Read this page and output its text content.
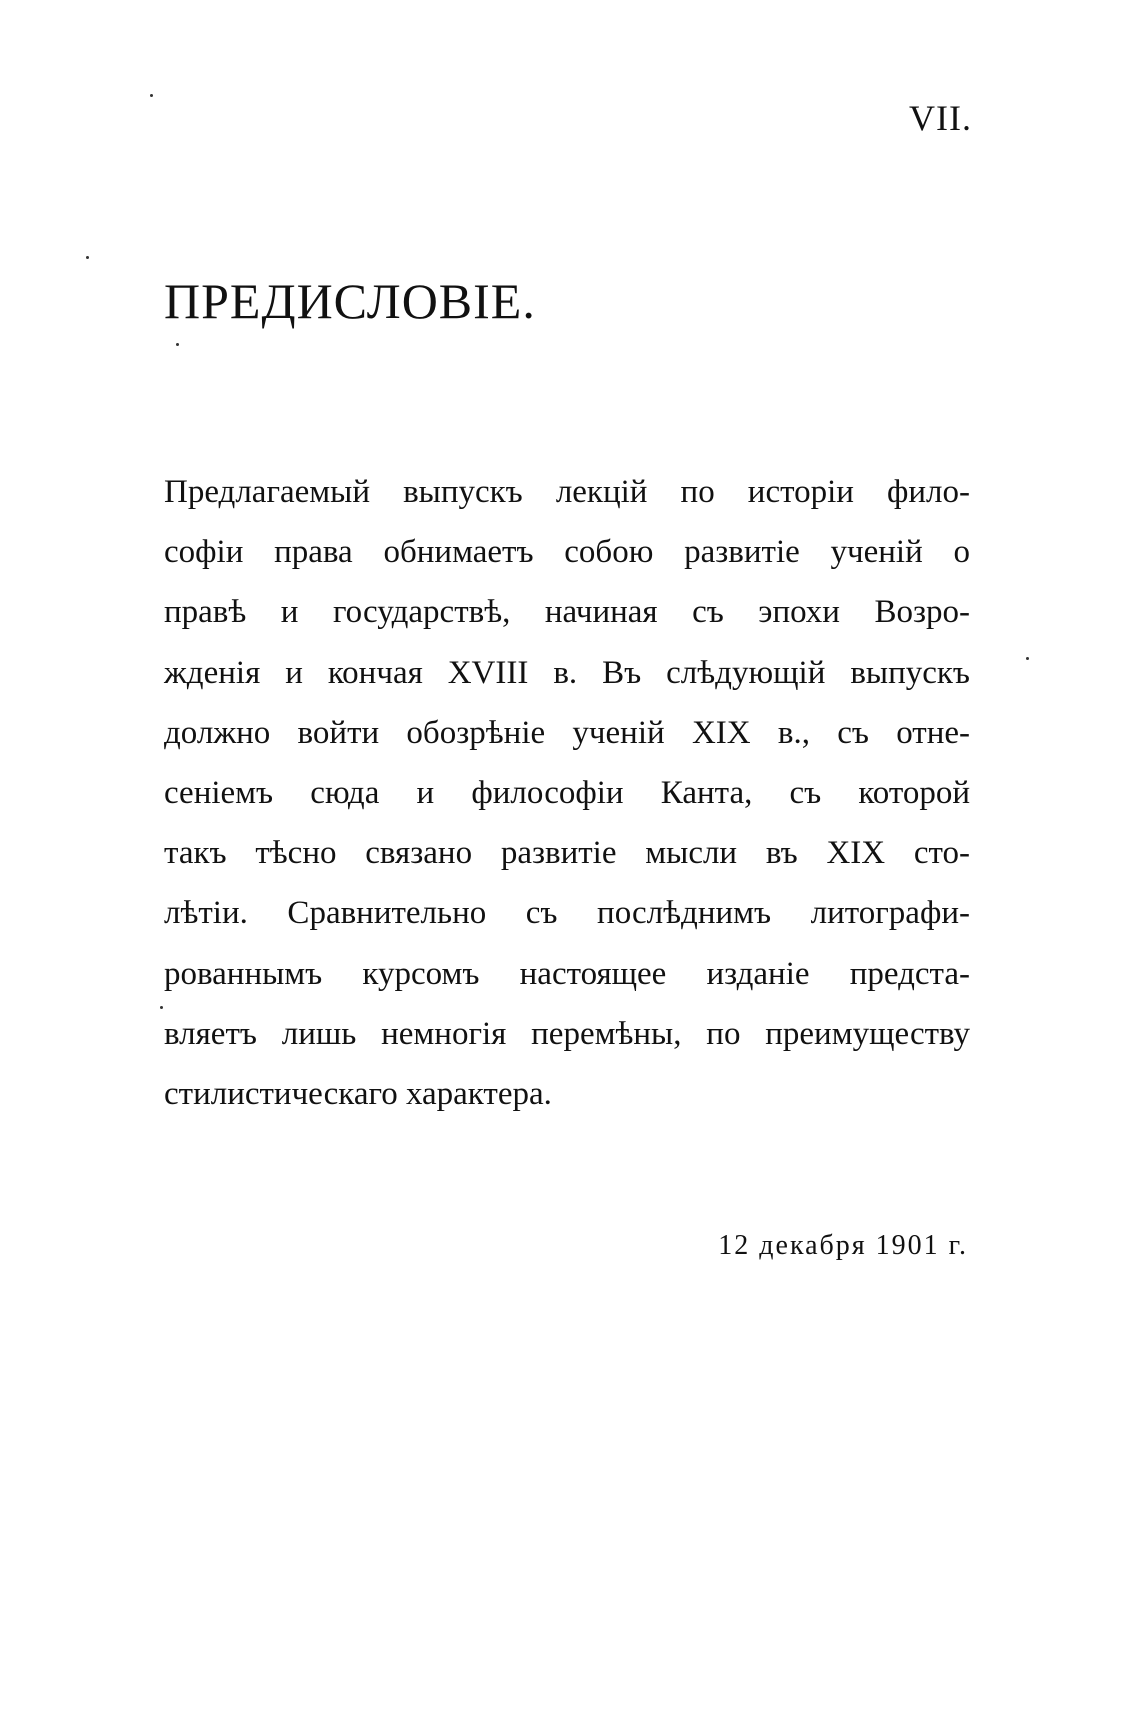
VII.
ПРЕДИСЛОВIЕ.
Предлагаемый выпускъ лекцiй по исторiи фило-
софiи права обнимаетъ собою развитiе ученiй о
правѣ и государствѣ, начиная съ эпохи Возро-
жденiя и кончая XVIII в. Въ слѣдующiй выпускъ
должно войти обозрѣнiе ученiй XIX в., съ отне-
сенiемъ сюда и философiи Канта, съ которой
такъ тѣсно связано развитiе мысли въ XIX сто-
лѣтiи. Сравнительно съ послѣднимъ литографи-
рованнымъ курсомъ настоящее изданiе предста-
вляетъ лишь немногiя перемѣны, по преимуществу
стилистическаго характера.
12 декабря 1901 г.
